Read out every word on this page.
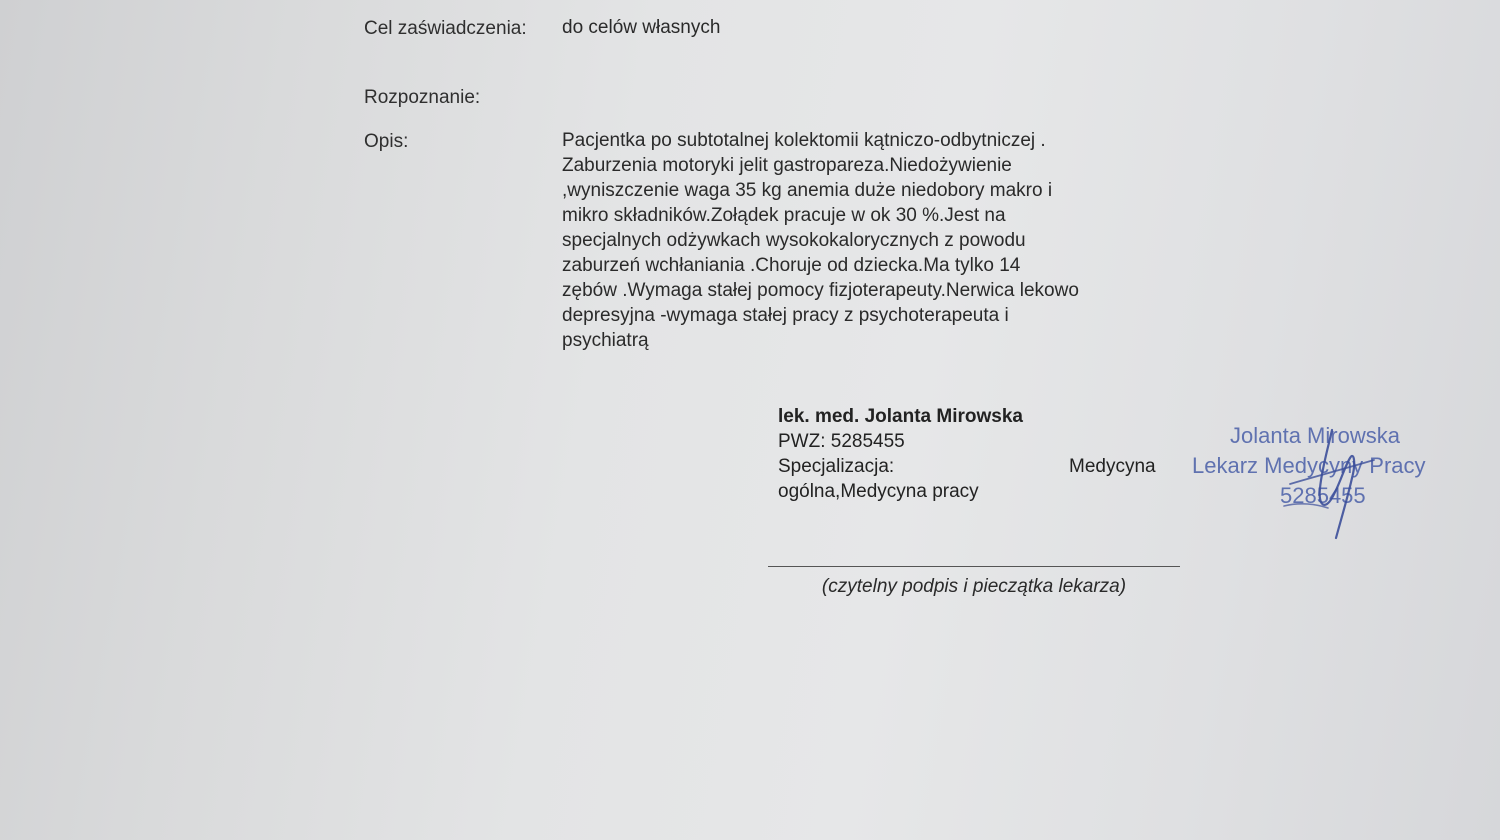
Cel zaświadczenia:	do celów własnych
Rozpoznanie:
Opis:	Pacjentka po subtotalnej kolektomii kątniczo-odbytniczej .
Zaburzenia motoryki jelit gastropareza.Niedożywienie
,wyniszczenie waga 35 kg anemia duże niedobory makro i
mikro składników.Zołądek pracuje w ok 30 %.Jest na
specjalnych odżywkach wysokokalorycznych z powodu
zaburzeń wchłaniania .Choruje od dziecka.Ma tylko 14
zębów .Wymaga stałej pomocy fizjoterapeuty.Nerwica lekowo
depresyjna -wymaga stałej pracy z psychoterapeuta i
psychiatrą
lek. med. Jolanta Mirowska
PWZ: 5285455
Specjalizacja:	Medycyna
ogólna,Medycyna pracy
Jolanta Mirowska
Lekarz Medycyny Pracy
5285455
(czytelny podpis i pieczątka lekarza)
